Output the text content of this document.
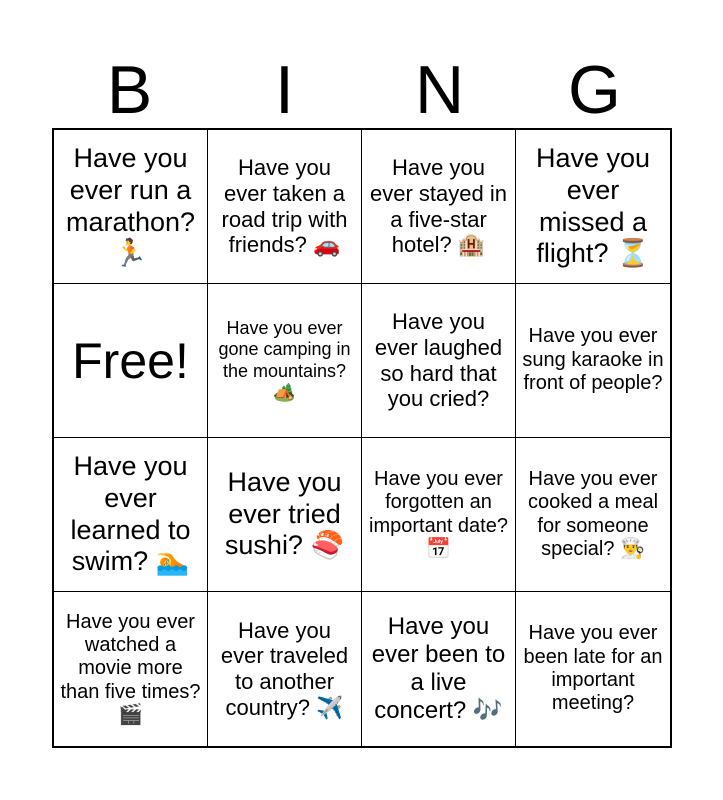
B	I	N	G
Have you ever run a marathon? 🏃
Have you ever taken a road trip with friends? 🚗
Have you ever stayed in a five-star hotel? 🏨
Have you ever missed a flight? ⏳
Free!
Have you ever gone camping in the mountains? 🏕️
Have you ever laughed so hard that you cried?
Have you ever sung karaoke in front of people?
Have you ever learned to swim? 🏊
Have you ever tried sushi? 🍣
Have you ever forgotten an important date? 📅
Have you ever cooked a meal for someone special? 👨‍🍳
Have you ever watched a movie more than five times? 🎬
Have you ever traveled to another country? ✈️
Have you ever been to a live concert? 🎶
Have you ever been late for an important meeting?
